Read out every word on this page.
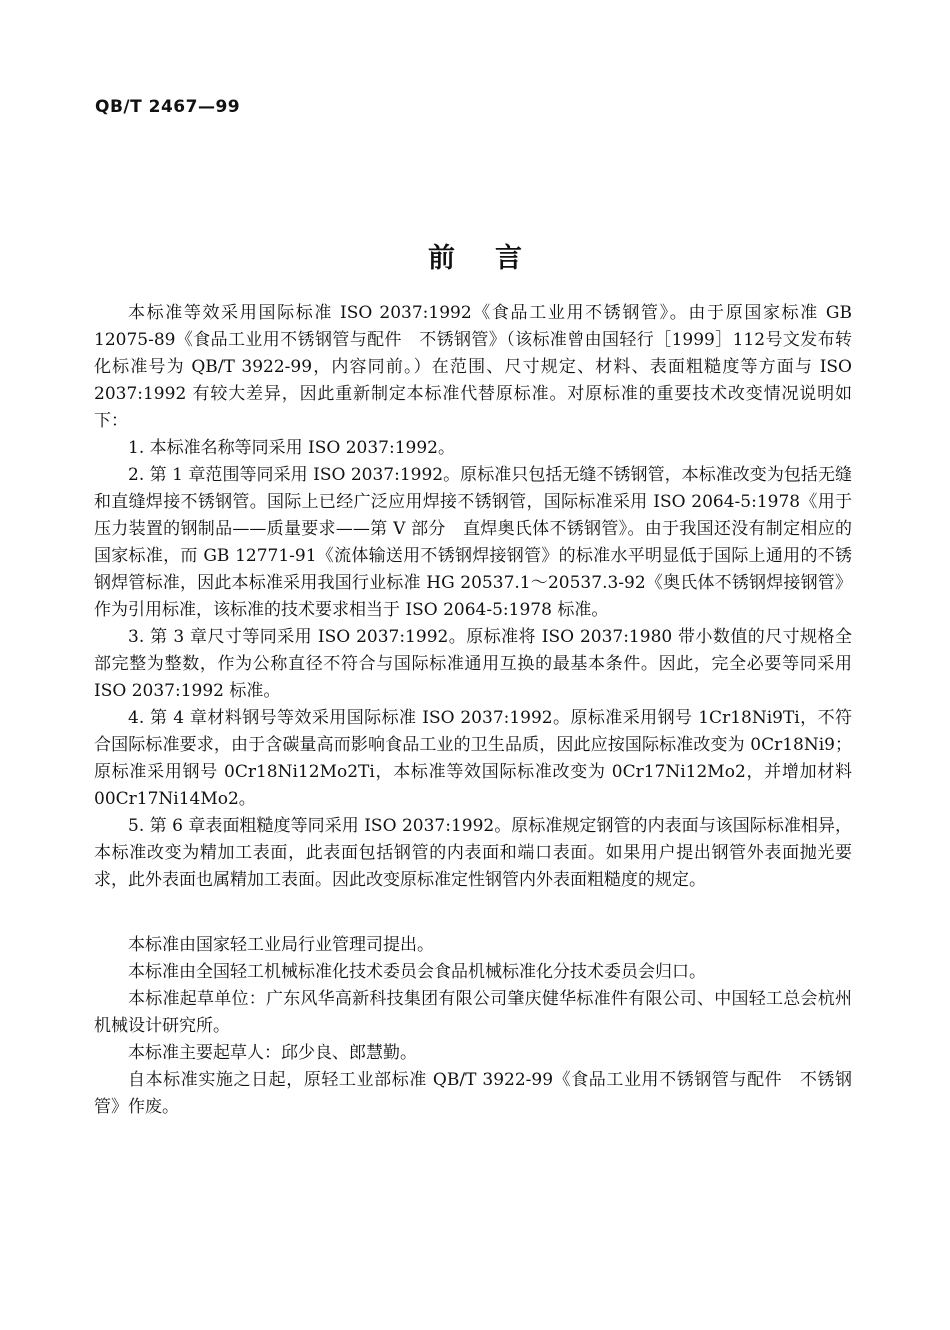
QB/T 2467—99
前言

本标准等效采用国际标准 ISO 2037:1992《食品工业用不锈钢管》。由于原国家标准 GB 12075-89《食品工业用不锈钢管与配件　不锈钢管》（该标准曾由国轻行［1999］112号文发布转化标准号为 QB/T 3922-99，内容同前。）在范围、尺寸规定、材料、表面粗糙度等方面与 ISO 2037:1992 有较大差异，因此重新制定本标准代替原标准。对原标准的重要技术改变情况说明如下：

1. 本标准名称等同采用 ISO 2037:1992。

2. 第 1 章范围等同采用 ISO 2037:1992。原标准只包括无缝不锈钢管，本标准改变为包括无缝和直缝焊接不锈钢管。国际上已经广泛应用焊接不锈钢管，国际标准采用 ISO 2064-5:1978《用于压力装置的钢制品——质量要求——第 V 部分　直焊奥氏体不锈钢管》。由于我国还没有制定相应的国家标准，而 GB 12771-91《流体输送用不锈钢焊接钢管》的标准水平明显低于国际上通用的不锈钢焊管标准，因此本标准采用我国行业标准 HG 20537.1～20537.3-92《奥氏体不锈钢焊接钢管》作为引用标准，该标准的技术要求相当于 ISO 2064-5:1978 标准。

3. 第 3 章尺寸等同采用 ISO 2037:1992。原标准将 ISO 2037:1980 带小数值的尺寸规格全部完整为整数，作为公称直径不符合与国际标准通用互换的最基本条件。因此，完全必要等同采用 ISO 2037:1992 标准。

4. 第 4 章材料钢号等效采用国际标准 ISO 2037:1992。原标准采用钢号 1Cr18Ni9Ti，不符合国际标准要求，由于含碳量高而影响食品工业的卫生品质，因此应按国际标准改变为 0Cr18Ni9；原标准采用钢号 0Cr18Ni12Mo2Ti，本标准等效国际标准改变为 0Cr17Ni12Mo2，并增加材料 00Cr17Ni14Mo2。

5. 第 6 章表面粗糙度等同采用 ISO 2037:1992。原标准规定钢管的内表面与该国际标准相异，本标准改变为精加工表面，此表面包括钢管的内表面和端口表面。如果用户提出钢管外表面抛光要求，此外表面也属精加工表面。因此改变原标准定性钢管内外表面粗糙度的规定。

本标准由国家轻工业局行业管理司提出。

本标准由全国轻工机械标准化技术委员会食品机械标准化分技术委员会归口。

本标准起草单位：广东风华高新科技集团有限公司肇庆健华标准件有限公司、中国轻工总会杭州机械设计研究所。

本标准主要起草人：邱少良、郎慧勤。

自本标准实施之日起，原轻工业部标准 QB/T 3922-99《食品工业用不锈钢管与配件　不锈钢管》作废。
